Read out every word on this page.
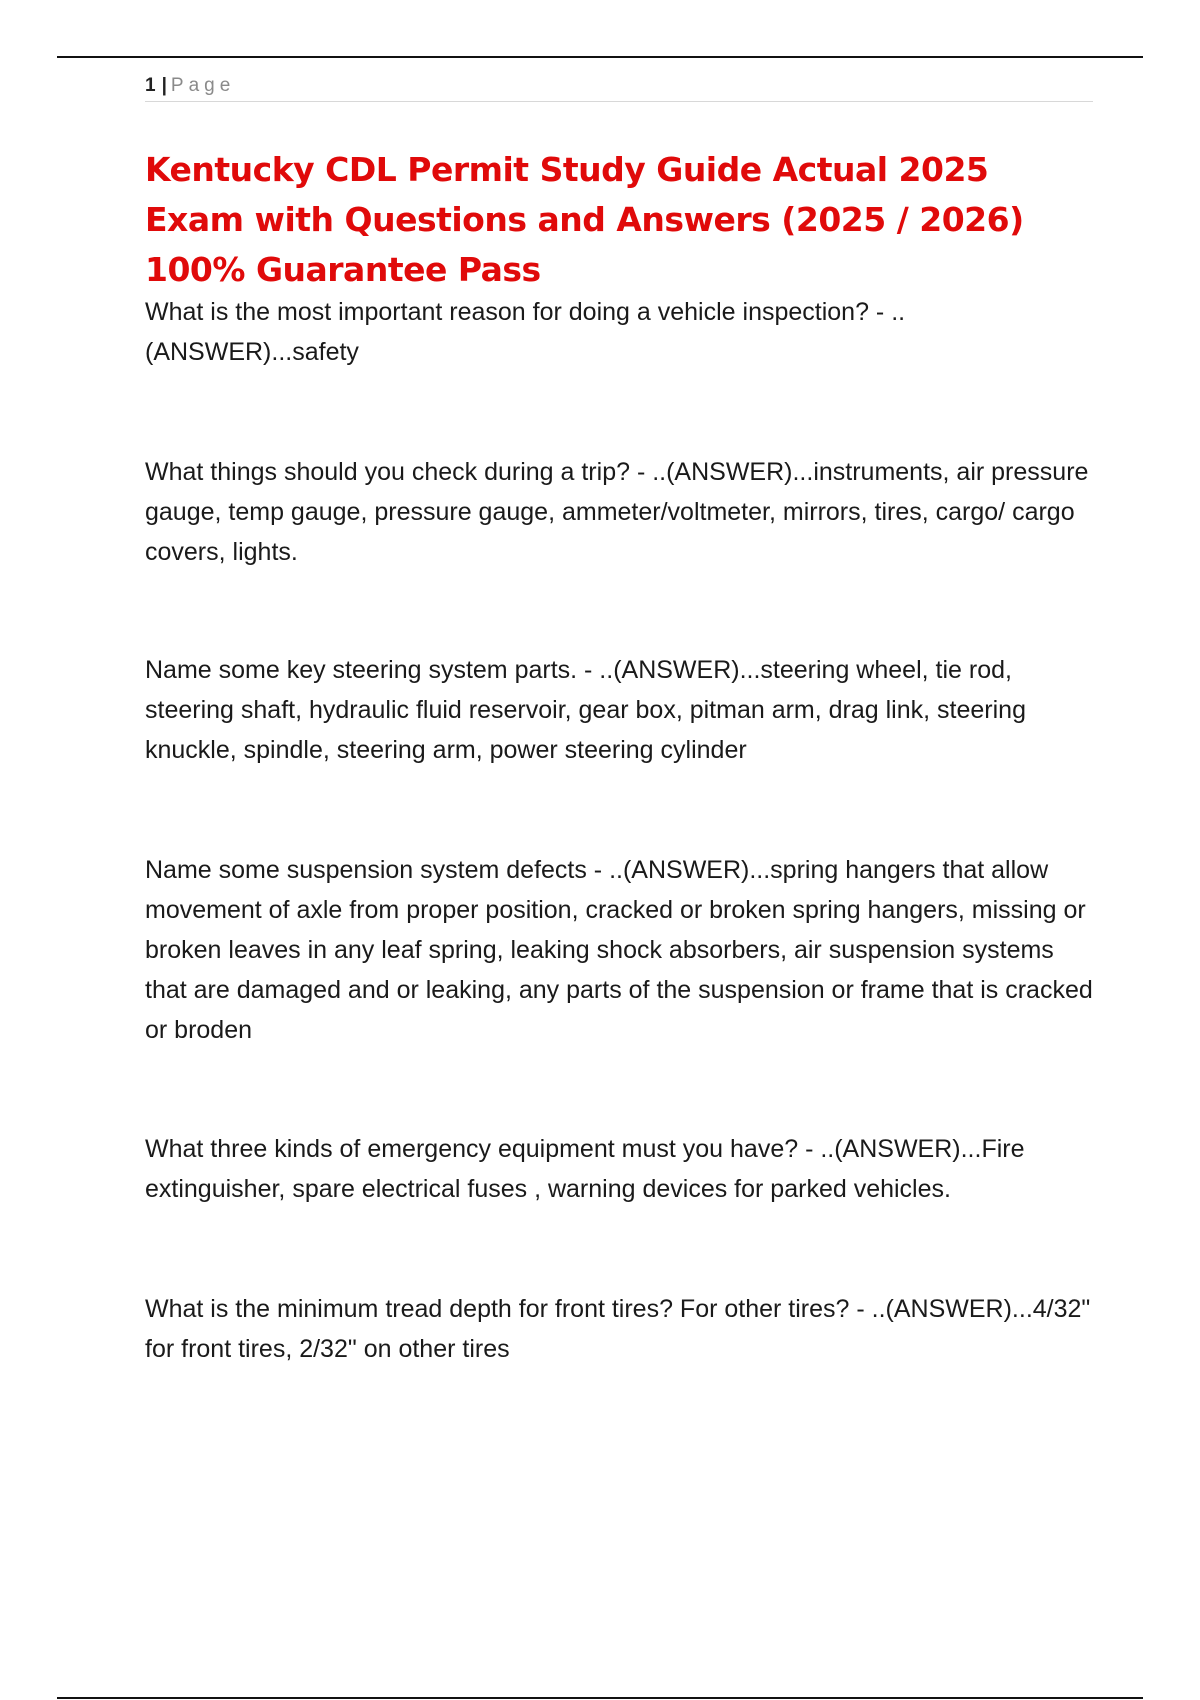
1 | Page
Kentucky CDL Permit Study Guide Actual 2025 Exam with Questions and Answers (2025 / 2026) 100% Guarantee Pass

What is the most important reason for doing a vehicle inspection? - ..(ANSWER)...safety

What things should you check during a trip? - ..(ANSWER)...instruments, air pressure gauge, temp gauge, pressure gauge, ammeter/voltmeter, mirrors, tires, cargo/ cargo covers, lights.

Name some key steering system parts. - ..(ANSWER)...steering wheel, tie rod, steering shaft, hydraulic fluid reservoir, gear box, pitman arm, drag link, steering knuckle, spindle, steering arm, power steering cylinder

Name some suspension system defects - ..(ANSWER)...spring hangers that allow movement of axle from proper position, cracked or broken spring hangers, missing or broken leaves in any leaf spring, leaking shock absorbers, air suspension systems that are damaged and or leaking, any parts of the suspension or frame that is cracked or broden

What three kinds of emergency equipment must you have? - ..(ANSWER)...Fire extinguisher, spare electrical fuses , warning devices for parked vehicles.

What is the minimum tread depth for front tires? For other tires? - ..(ANSWER)...4/32" for front tires, 2/32" on other tires
